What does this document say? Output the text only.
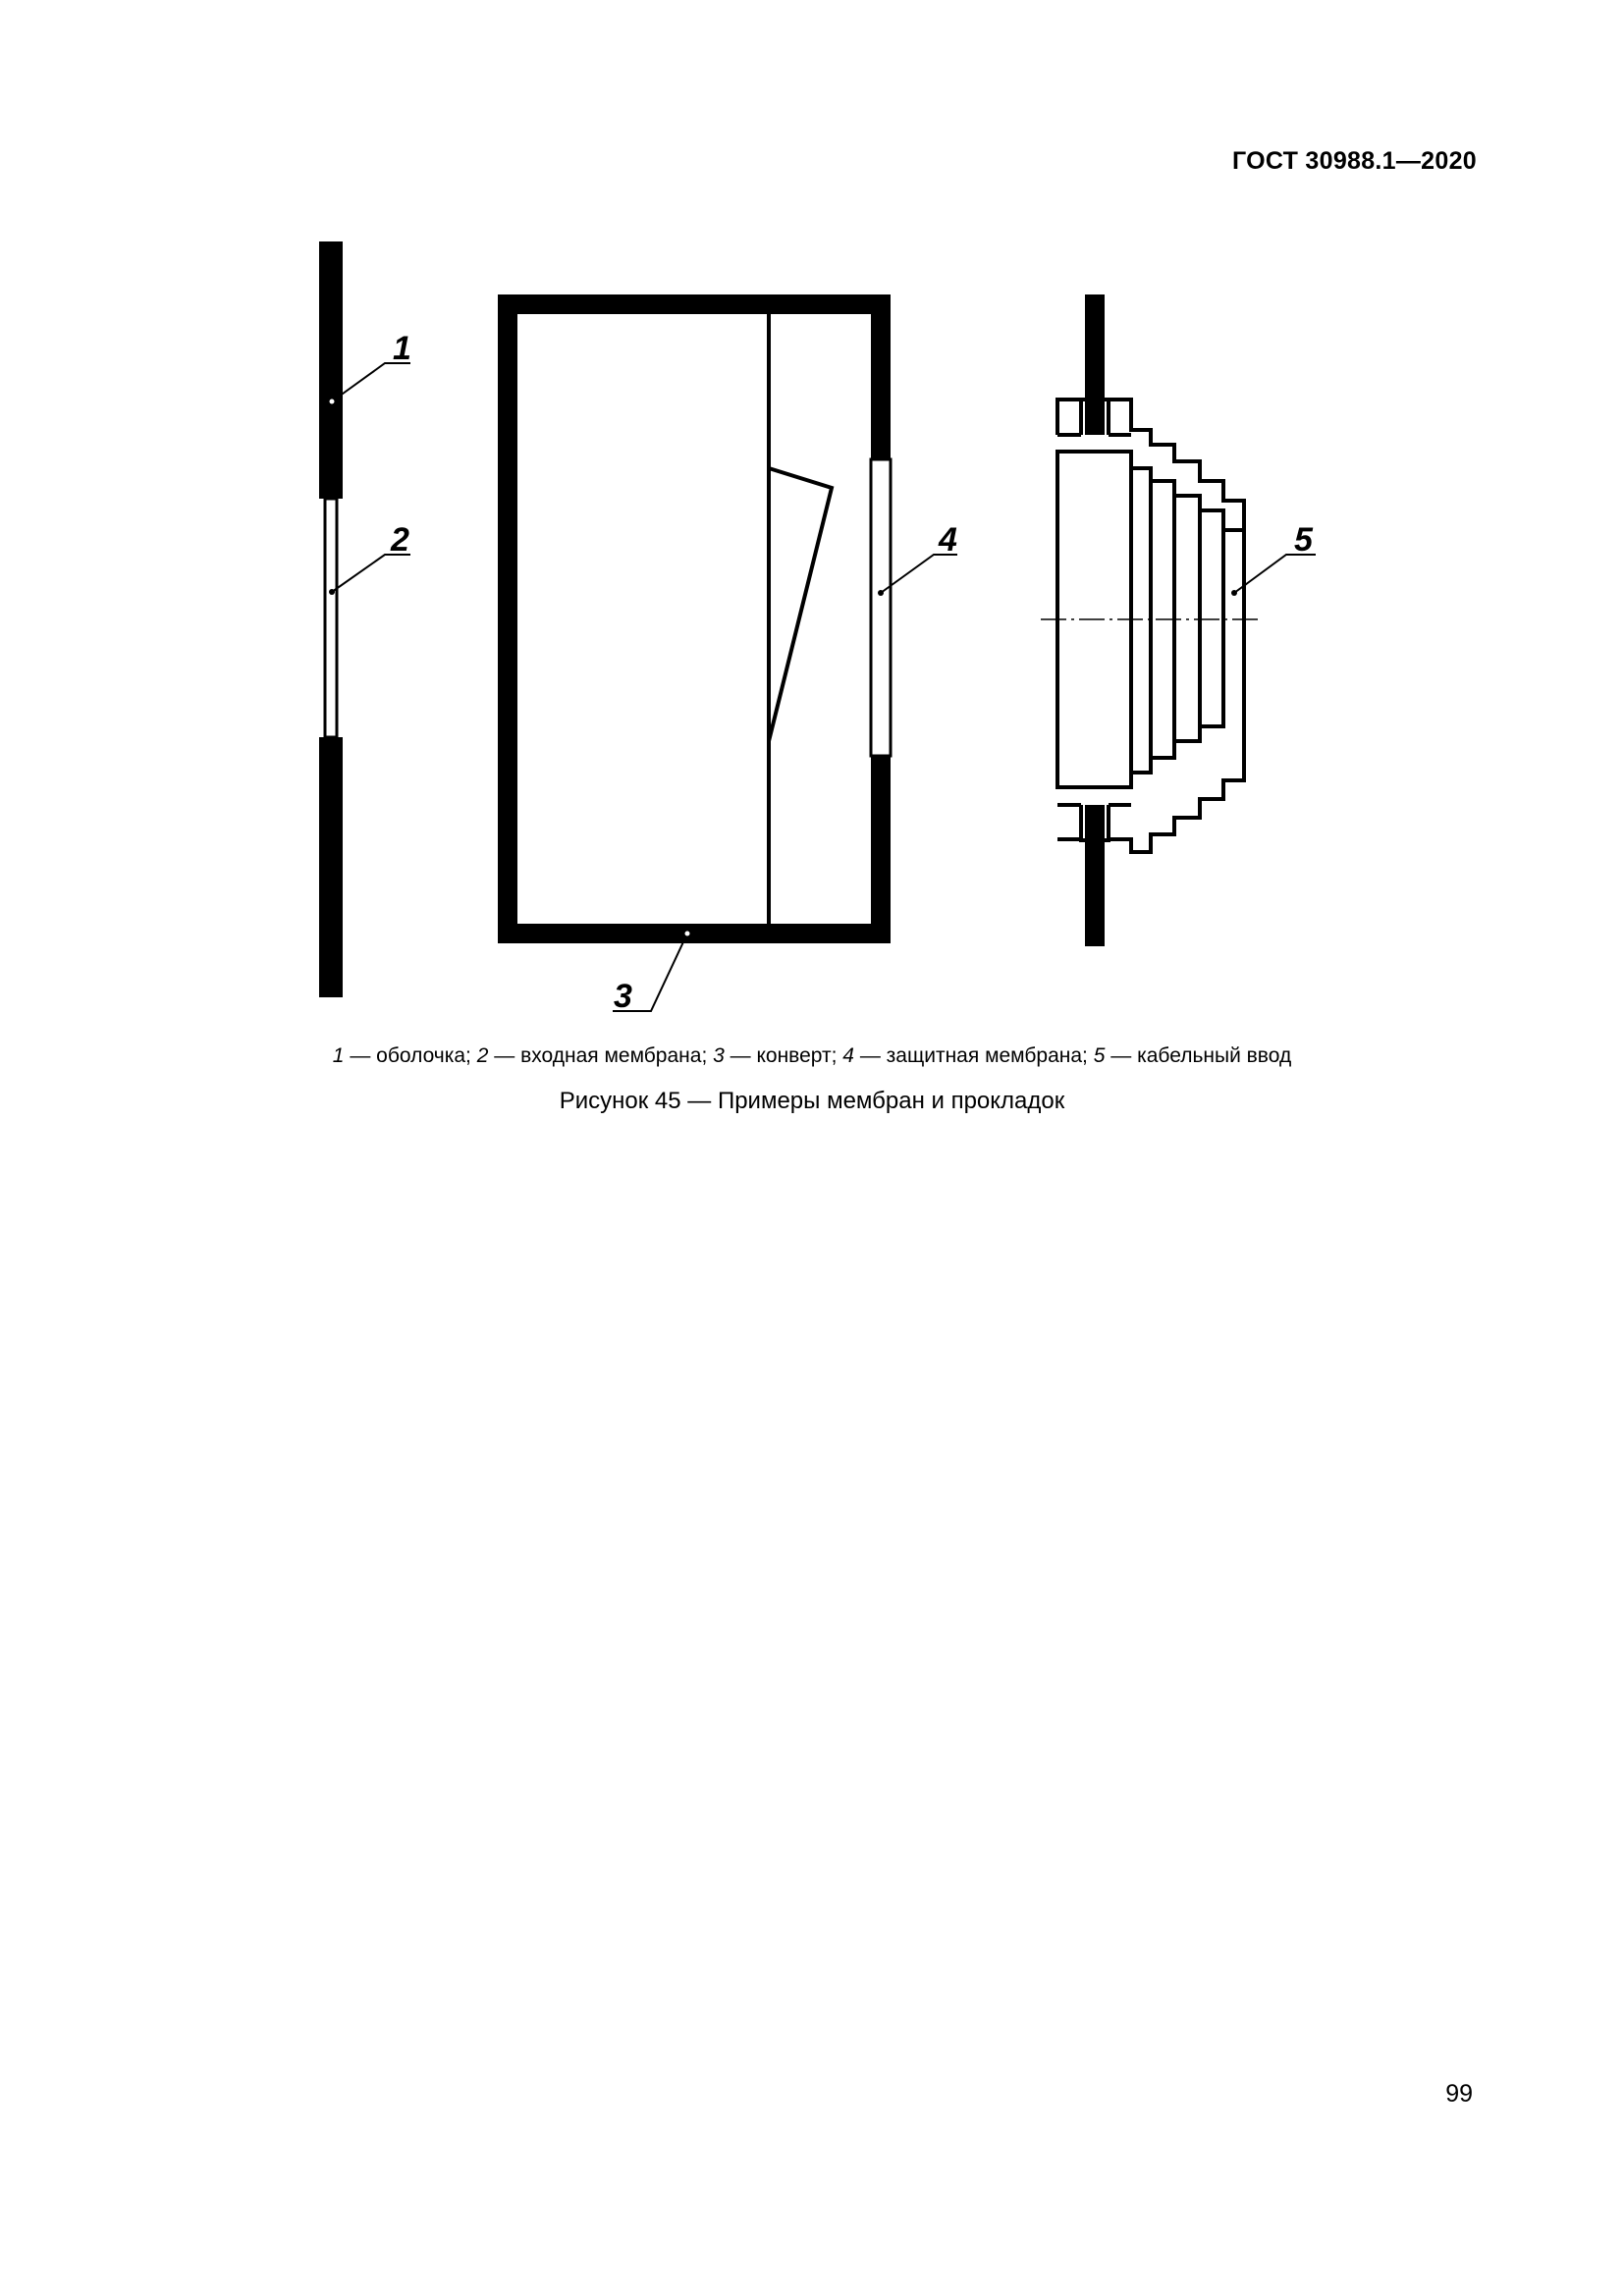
ГОСТ 30988.1—2020
1
2
3
4	5
1 — оболочка; 2 — входная мембрана; 3 — конверт; 4 — защитная мембрана; 5 — кабельный ввод
Рисунок 45 — Примеры мембран и прокладок
99
